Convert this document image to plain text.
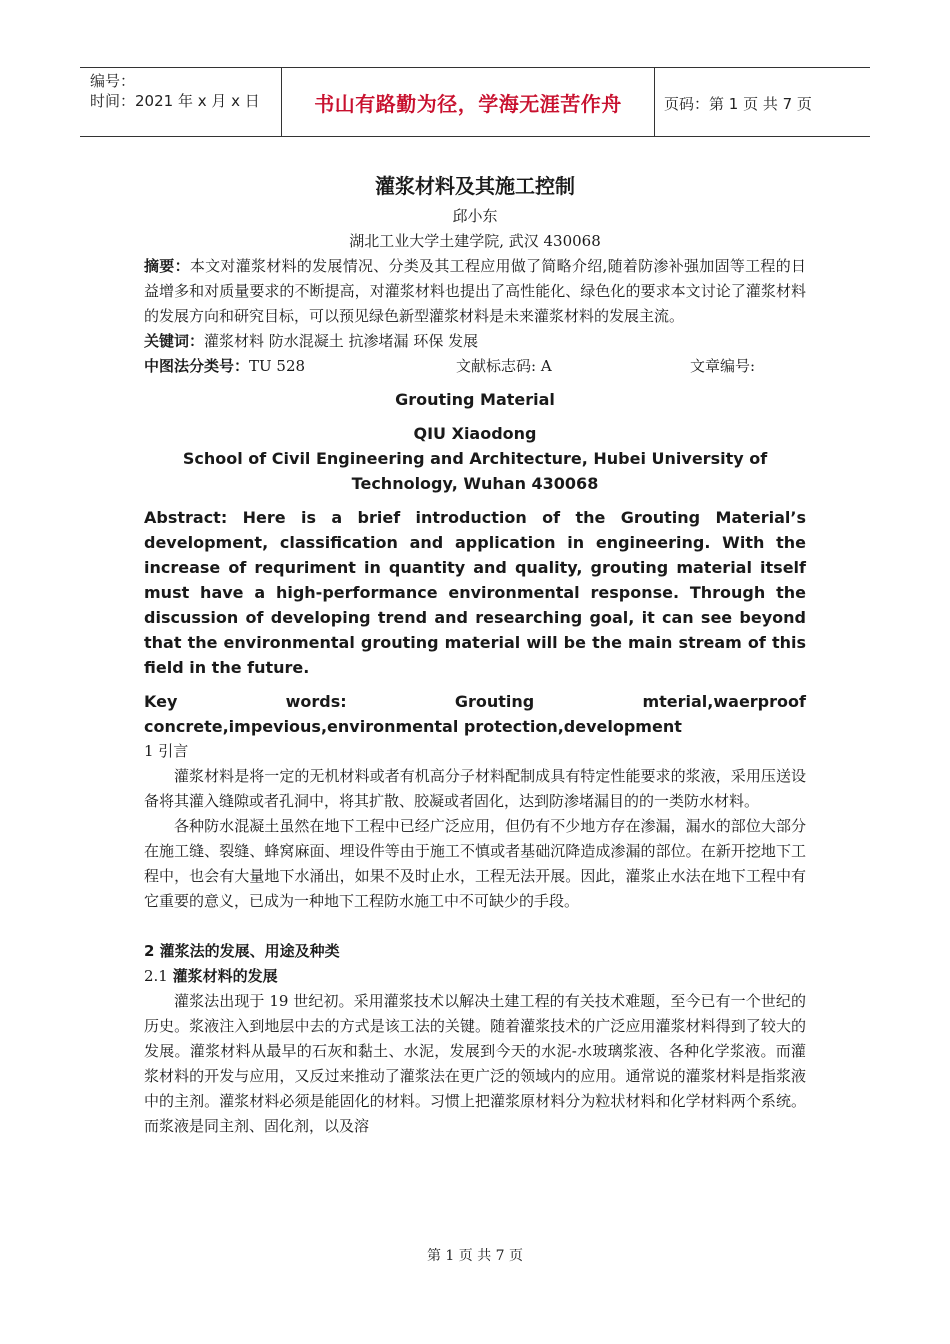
编号：
时间：2021 年 x 月 x 日	书山有路勤为径，学海无涯苦作舟	页码：第 1 页 共 7 页
灌浆材料及其施工控制
邱小东
湖北工业大学土建学院, 武汉 430068

摘要：本文对灌浆材料的发展情况、分类及其工程应用做了简略介绍,随着防渗补强加固等工程的日益增多和对质量要求的不断提高，对灌浆材料也提出了高性能化、绿色化的要求本文讨论了灌浆材料的发展方向和研究目标，可以预见绿色新型灌浆材料是未来灌浆材料的发展主流。

关键词：灌浆材料 防水混凝土 抗渗堵漏 环保 发展

中图法分类号：TU 528	文献标志码: A	文章编号:
Grouting Material
QIU Xiaodong
School of Civil Engineering and Architecture, Hubei University of
Technology, Wuhan 430068
Abstract: Here is a brief introduction of the Grouting Material’s development, classification and application in engineering. With the increase of requriment in quantity and quality, grouting material itself must have a high-performance environmental response. Through the discussion of developing trend and researching goal, it can see beyond that the environmental grouting material will be the main stream of this field in the future.
Key	words:	Grouting	mterial,waerproof
concrete,impevious,environmental protection,development
1 引言

灌浆材料是将一定的无机材料或者有机高分子材料配制成具有特定性能要求的浆液，采用压送设备将其灌入缝隙或者孔洞中，将其扩散、胶凝或者固化，达到防渗堵漏目的的一类防水材料。

各种防水混凝土虽然在地下工程中已经广泛应用，但仍有不少地方存在渗漏，漏水的部位大部分在施工缝、裂缝、蜂窝麻面、埋设件等由于施工不慎或者基础沉降造成渗漏的部位。在新开挖地下工程中，也会有大量地下水涌出，如果不及时止水，工程无法开展。因此，灌浆止水法在地下工程中有它重要的意义，已成为一种地下工程防水施工中不可缺少的手段。

2 灌浆法的发展、用途及种类
2.1 灌浆材料的发展

灌浆法出现于 19 世纪初。采用灌浆技术以解决土建工程的有关技术难题，至今已有一个世纪的历史。浆液注入到地层中去的方式是该工法的关键。随着灌浆技术的广泛应用灌浆材料得到了较大的发展。灌浆材料从最早的石灰和黏土、水泥，发展到今天的水泥-水玻璃浆液、各种化学浆液。而灌浆材料的开发与应用，又反过来推动了灌浆法在更广泛的领域内的应用。通常说的灌浆材料是指浆液中的主剂。灌浆材料必须是能固化的材料。习惯上把灌浆原材料分为粒状材料和化学材料两个系统。而浆液是同主剂、固化剂，以及溶

第 1 页 共 7 页
